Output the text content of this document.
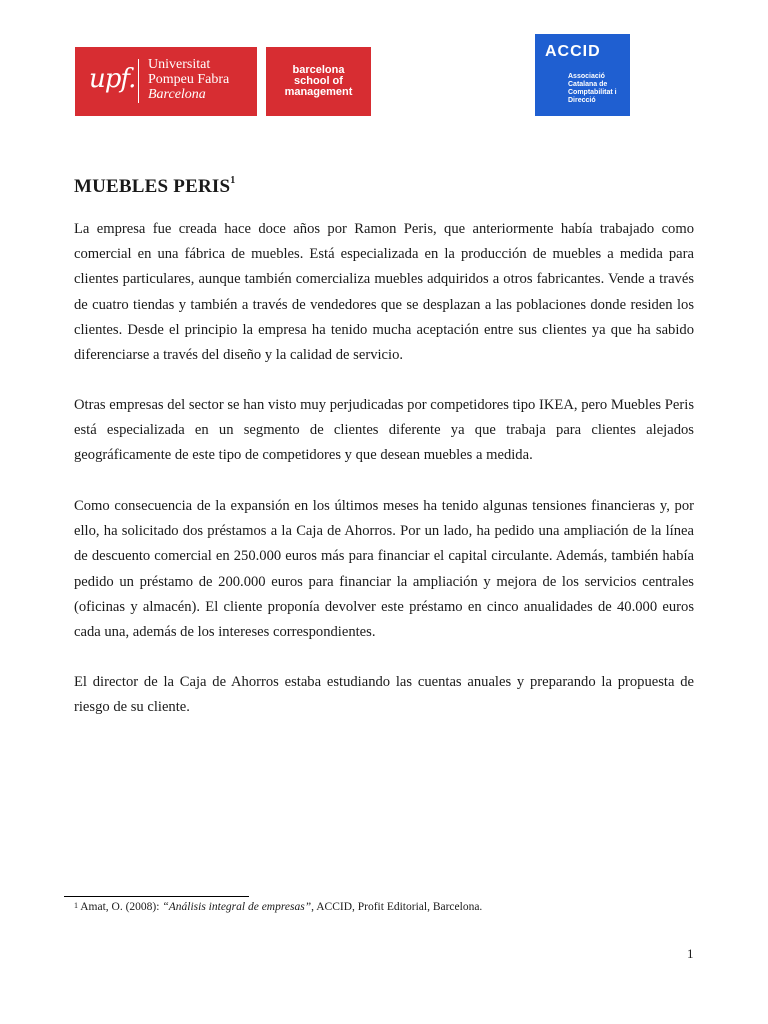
upf. Universitat
Pompeu Fabra
Barcelona
barcelona
school of
management
ACCID
Associació
Catalana de
Comptabilitat i
Direcció
MUEBLES PERIS$^1$

La empresa fue creada hace doce años por Ramon Peris, que anteriormente había trabajado como comercial en una fábrica de muebles. Está especializada en la producción de muebles a medida para clientes particulares, aunque también comercializa muebles adquiridos a otros fabricantes. Vende a través de cuatro tiendas y también a través de vendedores que se desplazan a las poblaciones donde residen los clientes. Desde el principio la empresa ha tenido mucha aceptación entre sus clientes ya que ha sabido diferenciarse a través del diseño y la calidad de servicio.

Otras empresas del sector se han visto muy perjudicadas por competidores tipo IKEA, pero Muebles Peris está especializada en un segmento de clientes diferente ya que trabaja para clientes alejados geográficamente de este tipo de competidores y que desean muebles a medida.

Como consecuencia de la expansión en los últimos meses ha tenido algunas tensiones financieras y, por ello, ha solicitado dos préstamos a la Caja de Ahorros. Por un lado, ha pedido una ampliación de la línea de descuento comercial en 250.000 euros más para financiar el capital circulante. Además, también había pedido un préstamo de 200.000 euros para financiar la ampliación y mejora de los servicios centrales (oficinas y almacén). El cliente proponía devolver este préstamo en cinco anualidades de 40.000 euros cada una, además de los intereses correspondientes.

El director de la Caja de Ahorros estaba estudiando las cuentas anuales y preparando la propuesta de riesgo de su cliente.

$^1$ Amat, O. (2008): “Análisis integral de empresas”, ACCID, Profit Editorial, Barcelona.
1
